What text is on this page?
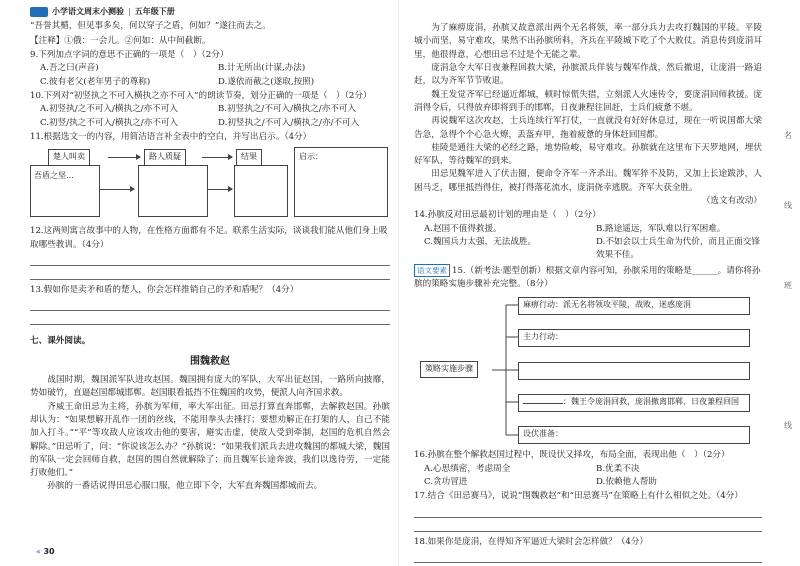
小学语文周末小测验 | 五年级下册

“吾誉其楯，但见事多矣，何以穿子之盾，何如？”遂往而去之。

【注释】①俄：一会儿。②何如：从中间截断。

9.下列加点字词的意思不正确的一项是（　）（2分）

A.吾之曰(声音)	B.计无所出(计谋,办法)
C.彼有老父(老年男子的尊称)	D.遂依而截之(遂取,按照)

10.下列对“初竖执之不可入横执之亦不可入”的朗读节奏，划分正确的一项是（　）（2分）

A.初竖执/之不可入/横执之/亦不可入	B.初竖执之/不可入/横执之/亦不可入
C.初竖/执之不可入/横执之/亦不可入	D.初竖执之/不可入/横执之/亦/不可入

11.根据选文一的内容，用简洁语言补全表中的空白，并写出启示。（4分）

楚人叫卖	路人质疑	结果
吾盾之坚…
启示：

12.这两则寓言故事中的人物，在性格方面都有不足。联系生活实际，谈谈我们能从他们身上吸取哪些教训。（4分）

13.假如你是卖矛和盾的楚人，你会怎样推销自己的矛和盾呢？（4分）

七、课外阅读。

围魏救赵

战国时期，魏国派军队进攻赵国。魏国拥有庞大的军队，大军出征赵国，一路所向披靡，势如破竹，直逼赵国都城邯郸。赵国眼看抵挡不住魏国的攻势，便派人向齐国求救。

齐威王命田忌为主将，孙膑为军师，率大军出征。田忌打算直奔邯郸，去解救赵国。孙膑却认为：“如果想解开乱作一团的丝线，不能用拳头去捶打；要想劝解正在打架的人，自己不能加入打斗。”“平”等攻敌人应该攻击他的要害，避实击虚，使敌人受到牵制，赵国的危机自然会解除。”田忌听了，问：“你说该怎么办？”孙膑说：“如果我们派兵去进攻魏国的都城大梁，魏国的军队一定会回师自救，赵国的围自然就解除了；而且魏军长途奔波，我们以逸待劳，一定能打败他们。”

孙膑的一番话说得田忌心服口服，他立即下令，大军直奔魏国都城而去。

« 30

为了麻痹庞涓，孙膑又故意派出两个无名将领，率一部分兵力去攻打魏国的平陵。平陵城小而坚，易守难攻，果然不出孙膑所料，齐兵在平陵城下吃了个大败仗。消息传到庞涓耳里，他很得意，心想田忌不过是个无能之辈。

庞涓急令大军日夜兼程回救大梁，孙膑派兵佯装与魏军作战，然后撤退，让庞涓一路追赶，以为齐军节节败退。

魏王发觉齐军已经逼近都城，顿时惊慌失措，立刻派人火速传令，要庞涓回师救援。庞涓得令后，只得放弃即将到手的邯郸，日夜兼程往回赶，士兵们疲惫不堪。

再说魏军这次攻赵，士兵连续行军打仗，一直就没有好好休息过，现在一听说国都大梁告急，急得个个心急火燎，丢盔弃甲，拖着疲惫的身体赶回国都。

桂陵是通往大梁的必经之路，地势险峻，易守难攻。孙膑就在这里布下天罗地网，埋伏好军队，等待魏军的到来。

田忌见魏军进入了伏击圈，便命令齐军一齐杀出。魏军猝不及防，又加上长途跋涉，人困马乏，哪里抵挡得住，被打得落花流水，庞涓侥幸逃脱。齐军大获全胜。

（选文有改动）

14.孙膑反对田忌最初计划的理由是（　）（2分）

A.赵国不值得救援。	B.路途遥远，军队难以行军困难。
C.魏国兵力太强，无法战胜。	D.不如会以士兵生命为代价，而且正面交锋效果不佳。

语文要素 15.（新考法·题型创新）根据文章内容可知，孙膑采用的策略是______。请你将孙膑的策略实施步骤补充完整。（8分）

策略实施步骤
麻痹行动：派无名将领攻平陵，战败，迷惑庞涓
主力行动：
：魏王令庞涓回救，庞涓撤离邯郸，日夜兼程回国
设伏准备：

16.孙膑在整个解救赵国过程中，既设伏又择攻，布局全面，表现出他（　）（2分）

A.心思缜密，考虑周全	B.优柔不决
C.贪功冒进	D.依赖他人帮助

17.结合《田忌赛马》，说说“围魏救赵”和“田忌赛马”在策略上有什么相似之处。（4分）

18.如果你是庞涓，在得知齐军逼近大梁时会怎样做？（4分）

名
线
班
线
